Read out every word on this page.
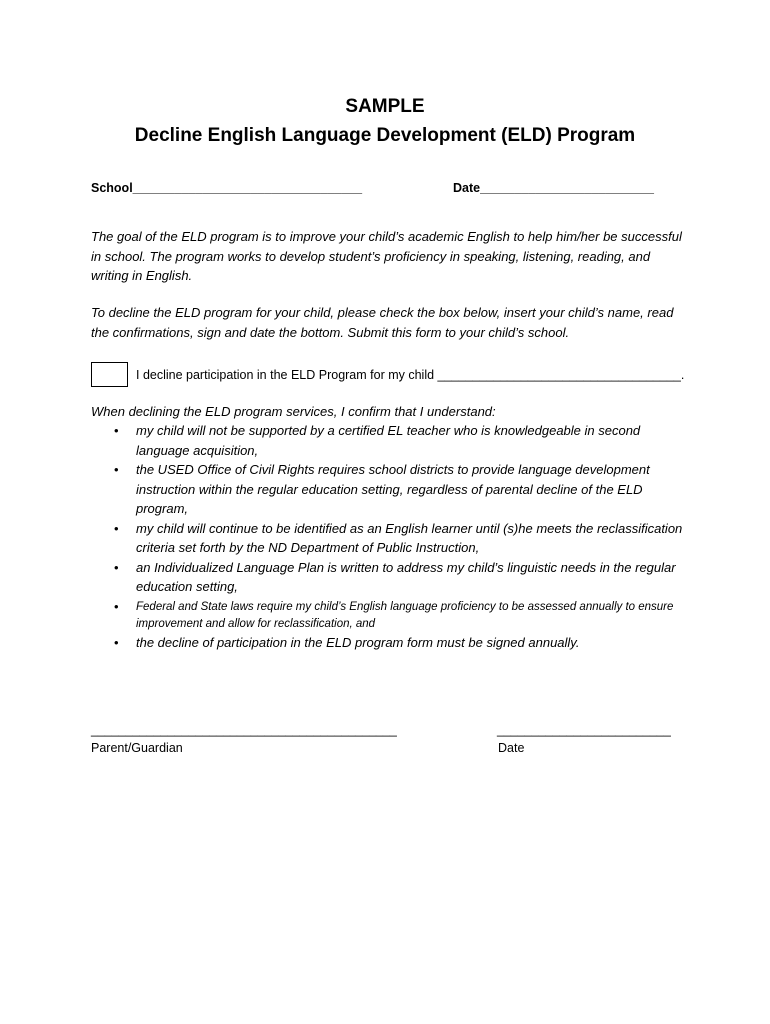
SAMPLE
Decline English Language Development (ELD) Program
School_________________________________	Date_________________________
The goal of the ELD program is to improve your child’s academic English to help him/her be successful in school. The program works to develop student’s proficiency in speaking, listening, reading, and writing in English.
To decline the ELD program for your child, please check the box below, insert your child’s name, read the confirmations, sign and date the bottom. Submit this form to your child’s school.
I decline participation in the ELD Program for my child ___________________________________.
When declining the ELD program services, I confirm that I understand:
• my child will not be supported by a certified EL teacher who is knowledgeable in second language acquisition,
• the USED Office of Civil Rights requires school districts to provide language development instruction within the regular education setting, regardless of parental decline of the ELD program,
• my child will continue to be identified as an English learner until (s)he meets the reclassification criteria set forth by the ND Department of Public Instruction,
• an Individualized Language Plan is written to address my child’s linguistic needs in the regular education setting,
• Federal and State laws require my child’s English language proficiency to be assessed annually to ensure improvement and allow for reclassification, and
• the decline of participation in the ELD program form must be signed annually.
____________________________________________	_________________________
Parent/Guardian	Date
